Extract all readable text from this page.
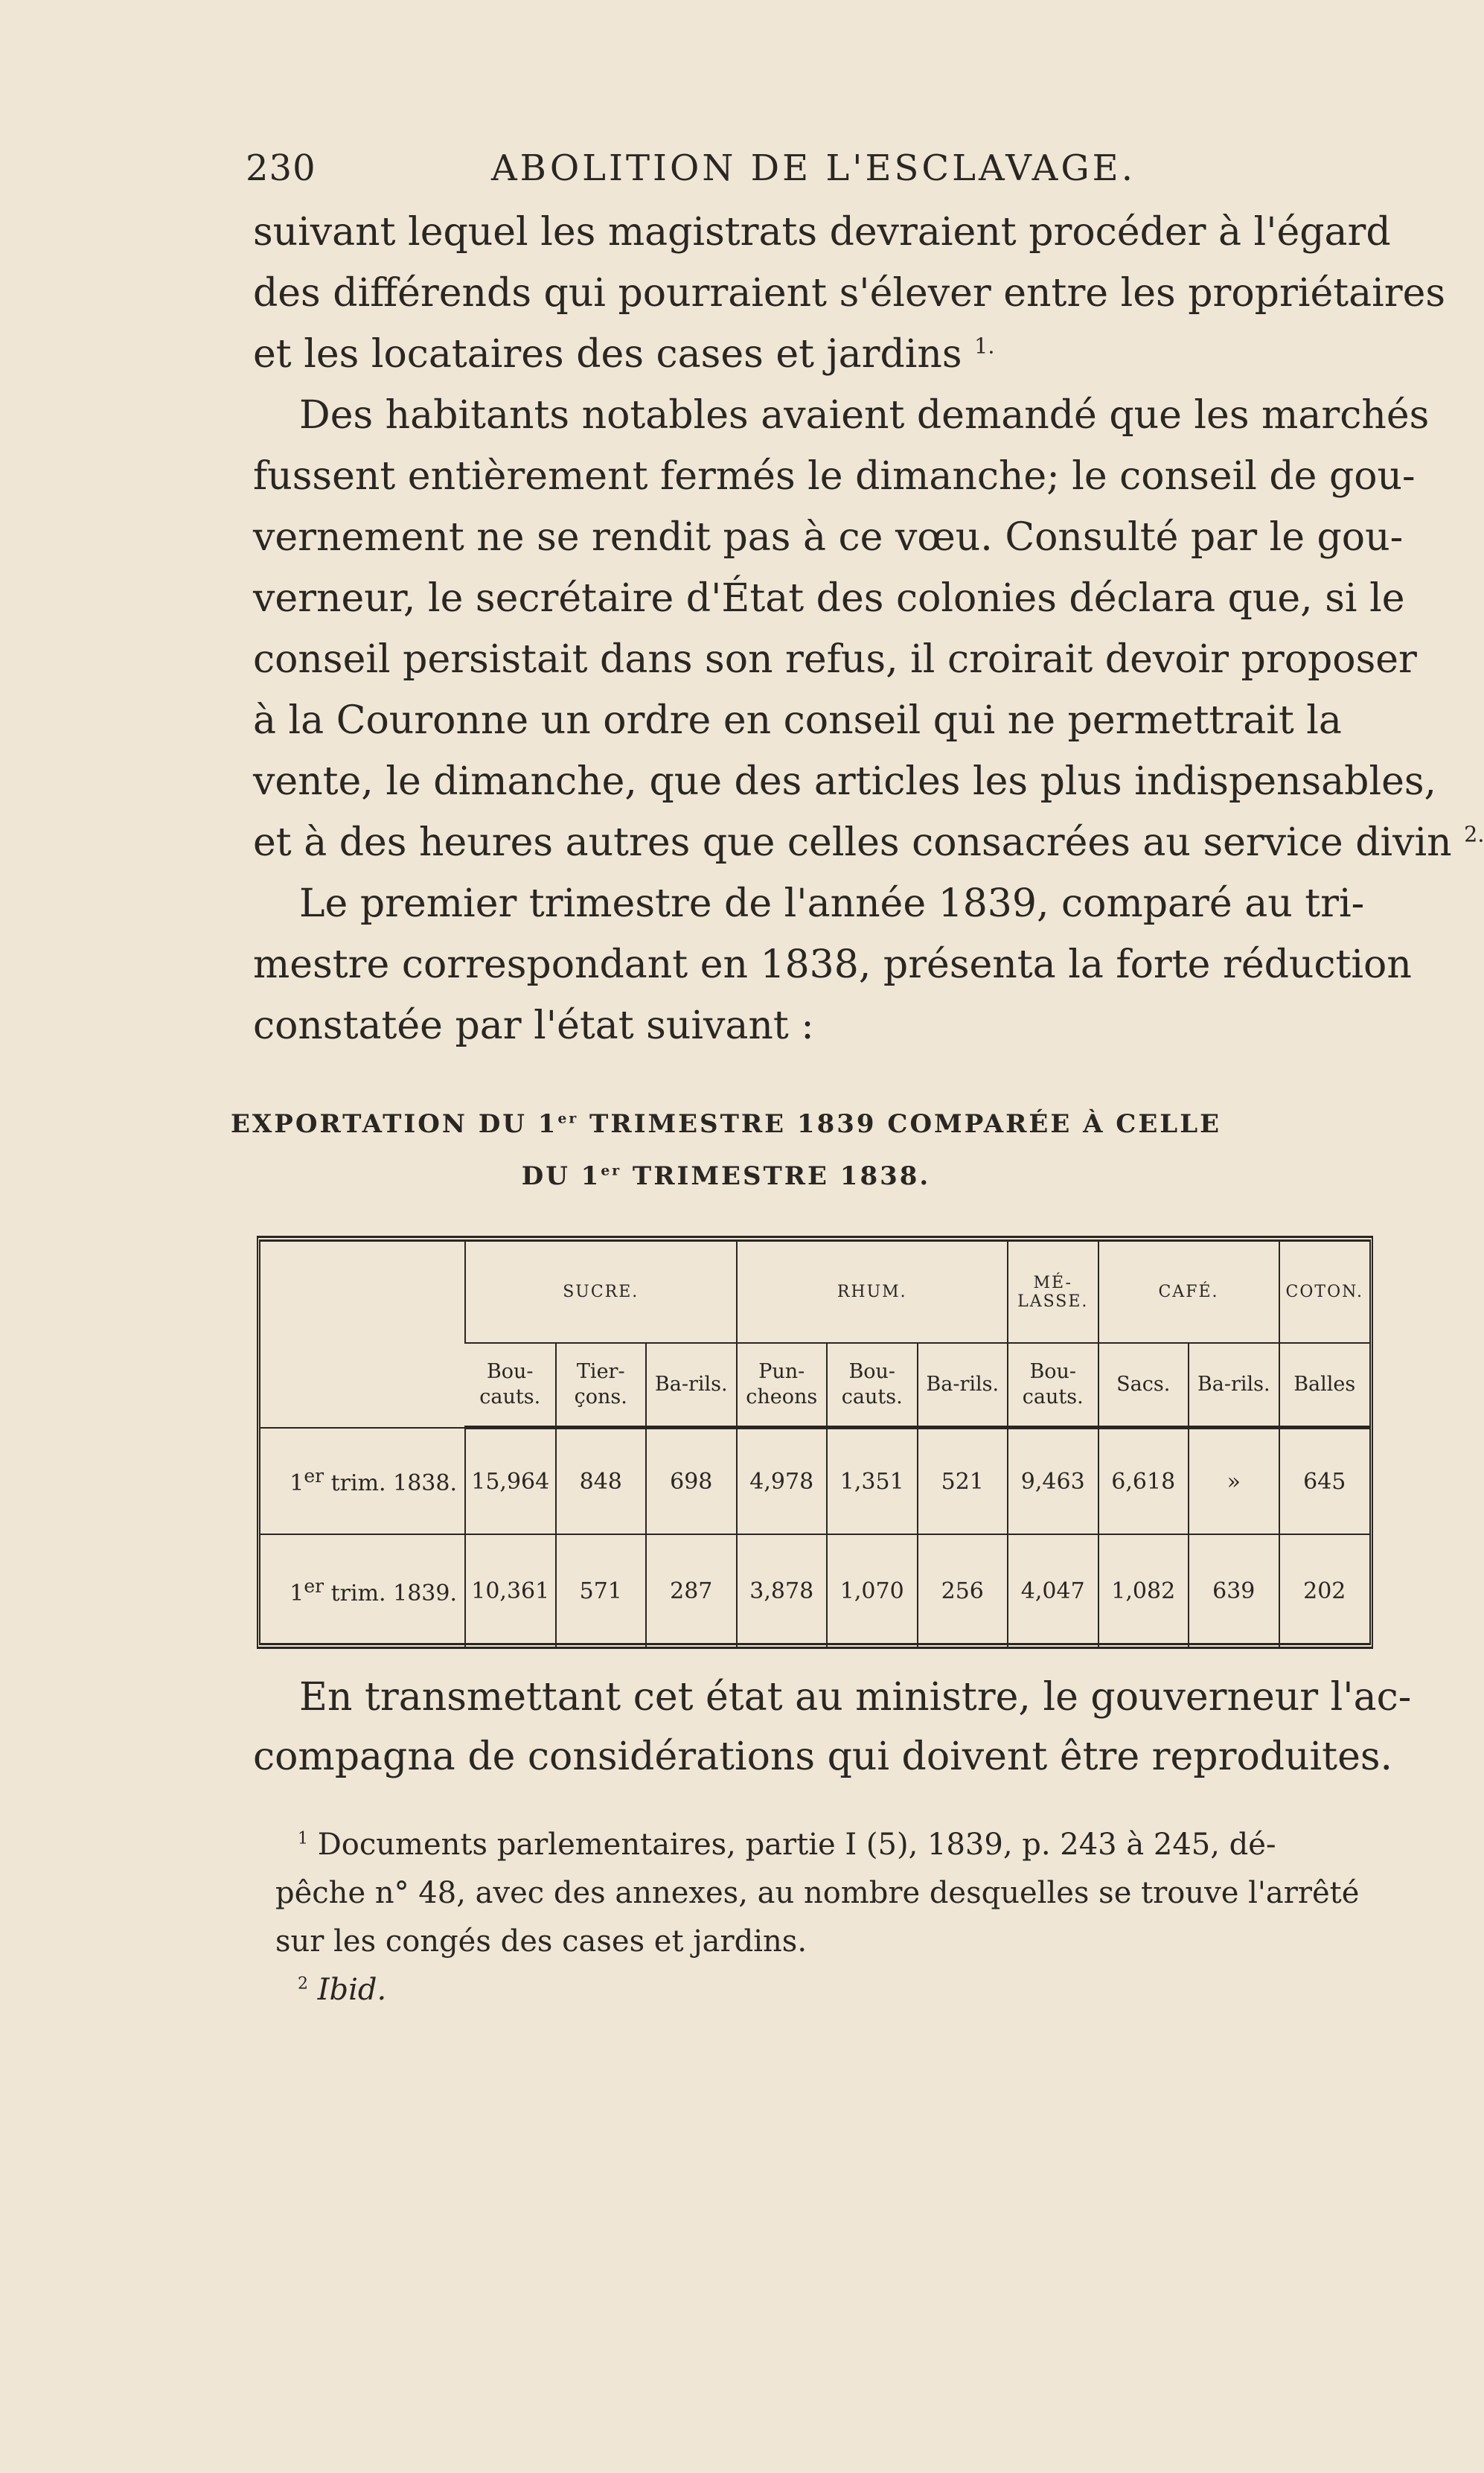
230	ABOLITION DE L'ESCLAVAGE.
suivant lequel les magistrats devraient procéder à l'égard
des différends qui pourraient s'élever entre les propriétaires
et les locataires des cases et jardins $^{1.}$
Des habitants notables avaient demandé que les marchés
fussent entièrement fermés le dimanche; le conseil de gou-
vernement ne se rendit pas à ce vœu. Consulté par le gou-
verneur, le secrétaire d'État des colonies déclara que, si le
conseil persistait dans son refus, il croirait devoir proposer
à la Couronne un ordre en conseil qui ne permettrait la
vente, le dimanche, que des articles les plus indispensables,
et à des heures autres que celles consacrées au service divin $^{2.}$
Le premier trimestre de l'année 1839, comparé au tri-
mestre correspondant en 1838, présenta la forte réduction
constatée par l'état suivant :
EXPORTATION DU 1er TRIMESTRE 1839 COMPARÉE À CELLE
DU 1er TRIMESTRE 1838.
	SUCRE.			RHUM.			MÉ-LASSE.	CAFÉ.		COTON.
	Bou-cauts.	Tier-çons.	Ba-rils.	Pun-cheons	Bou-cauts.	Ba-rils.	Bou-cauts.	Sacs.	Ba-rils.	Balles
1er trim. 1838.	15,964	848	698	4,978	1,351	521	9,463	6,618	»	645
1er trim. 1839.	10,361	571	287	3,878	1,070	256	4,047	1,082	639	202
En transmettant cet état au ministre, le gouverneur l'ac-
compagna de considérations qui doivent être reproduites.
$^1$ Documents parlementaires, partie I (5), 1839, p. 243 à 245, dé-
pêche n° 48, avec des annexes, au nombre desquelles se trouve l'arrêté
sur les congés des cases et jardins.
$^2$ Ibid.
